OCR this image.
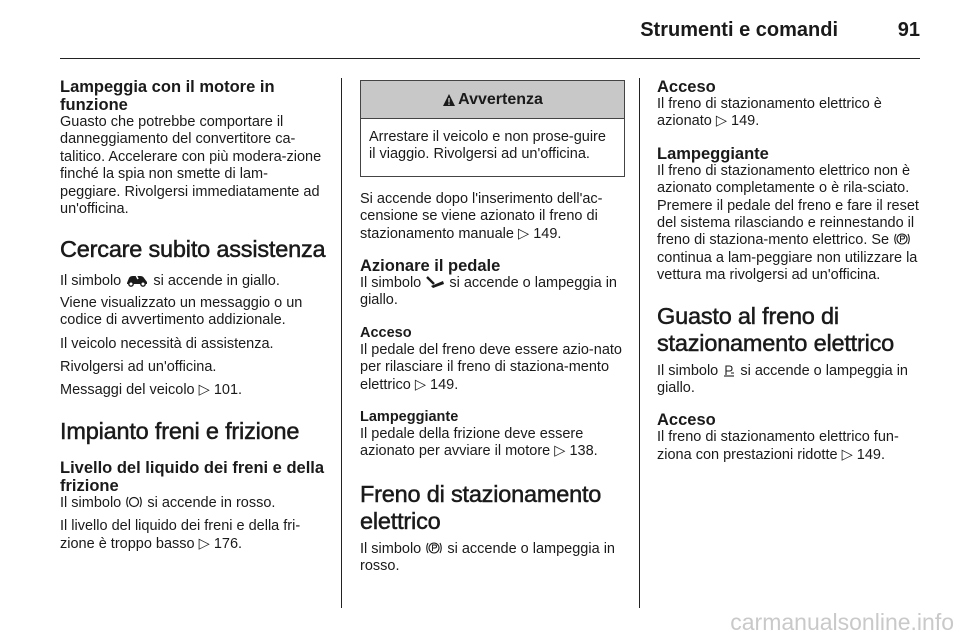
Strumenti e comandi	91
Lampeggia con il motore in funzione

Guasto che potrebbe comportare il danneggiamento del convertitore ca-talitico. Accelerare con più modera-zione finché la spia non smette di lam-peggiare. Rivolgersi immediatamente ad un'officina.

Cercare subito assistenza

Il simbolo si accende in giallo.

Viene visualizzato un messaggio o un codice di avvertimento addizionale.

Il veicolo necessità di assistenza.

Rivolgersi ad un'officina.

Messaggi del veicolo ▷ 101.

Impianto freni e frizione
Livello del liquido dei freni e della frizione

Il simbolo si accende in rosso.

Il livello del liquido dei freni e della fri-zione è troppo basso ▷ 176.

Avvertenza
Arrestare il veicolo e non prose-guire il viaggio. Rivolgersi ad un'officina.

Si accende dopo l'inserimento dell'ac-censione se viene azionato il freno di stazionamento manuale ▷ 149.

Azionare il pedale

Il simbolo si accende o lampeggia in giallo.

Acceso

Il pedale del freno deve essere azio-nato per rilasciare il freno di staziona-mento elettrico ▷ 149.

Lampeggiante

Il pedale della frizione deve essere azionato per avviare il motore ▷ 138.

Freno di stazionamento elettrico

Il simbolo si accende o lampeggia in rosso.

Acceso

Il freno di stazionamento elettrico è azionato ▷ 149.

Lampeggiante

Il freno di stazionamento elettrico non è azionato completamente o è rila-sciato. Premere il pedale del freno e fare il reset del sistema rilasciando e reinnestando il freno di staziona-mento elettrico. Se  continua a lam-peggiare non utilizzare la vettura ma rivolgersi ad un'officina.

Guasto al freno di stazionamento elettrico

Il simbolo si accende o lampeggia in giallo.

Acceso

Il freno di stazionamento elettrico fun-ziona con prestazioni ridotte ▷ 149.

carmanualsonline.info
